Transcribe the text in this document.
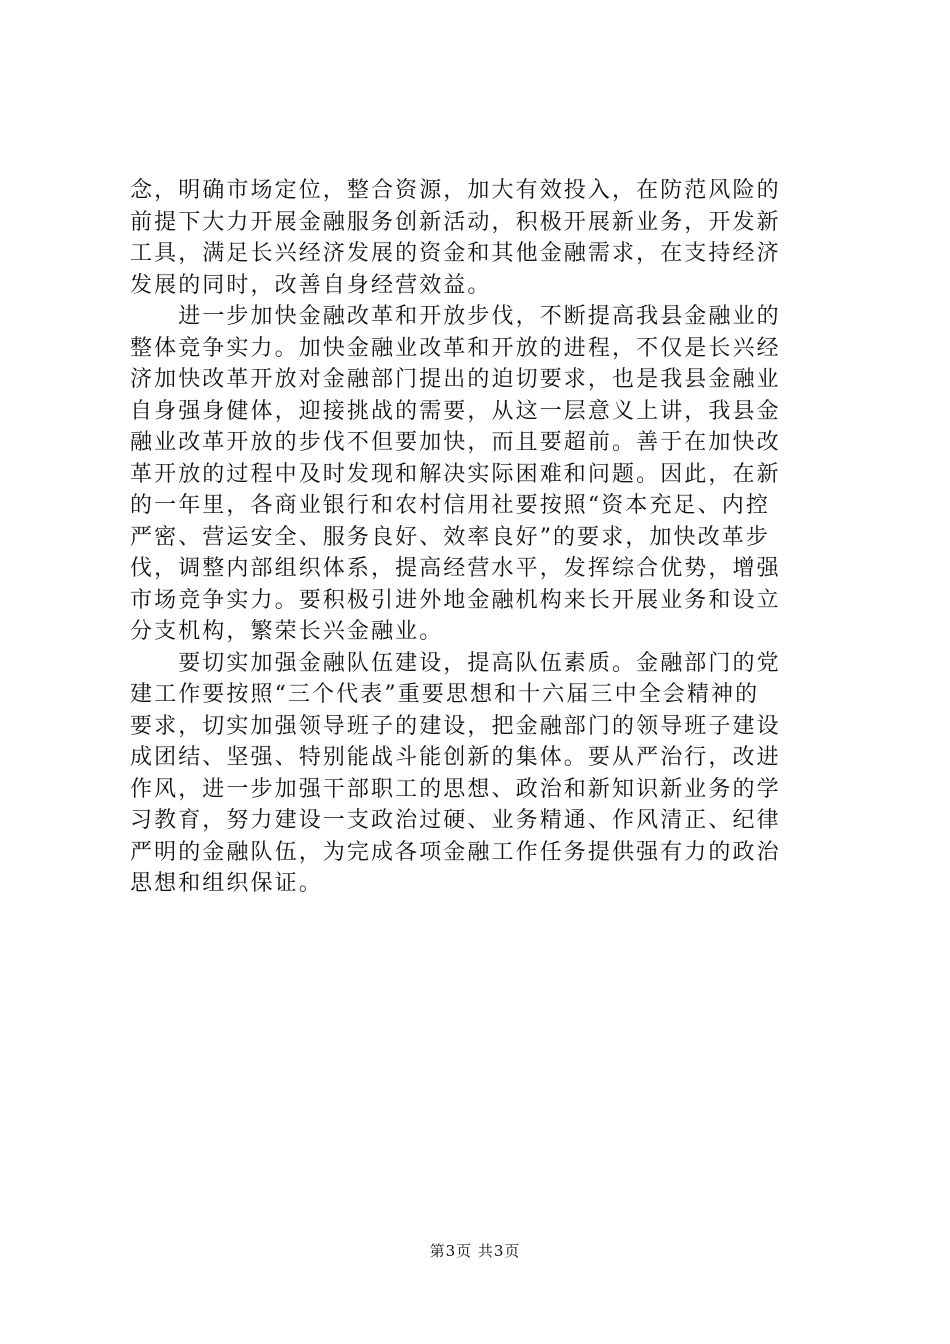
念，明确市场定位，整合资源，加大有效投入，在防范风险的
前提下大力开展金融服务创新活动，积极开展新业务，开发新
工具，满足长兴经济发展的资金和其他金融需求，在支持经济
发展的同时，改善自身经营效益。
　　进一步加快金融改革和开放步伐，不断提高我县金融业的
整体竞争实力。加快金融业改革和开放的进程，不仅是长兴经
济加快改革开放对金融部门提出的迫切要求，也是我县金融业
自身强身健体，迎接挑战的需要，从这一层意义上讲，我县金
融业改革开放的步伐不但要加快，而且要超前。善于在加快改
革开放的过程中及时发现和解决实际困难和问题。因此，在新
的一年里，各商业银行和农村信用社要按照“资本充足、内控
严密、营运安全、服务良好、效率良好”的要求，加快改革步
伐，调整内部组织体系，提高经营水平，发挥综合优势，增强
市场竞争实力。要积极引进外地金融机构来长开展业务和设立
分支机构，繁荣长兴金融业。
　　要切实加强金融队伍建设，提高队伍素质。金融部门的党
建工作要按照“三个代表”重要思想和十六届三中全会精神的
要求，切实加强领导班子的建设，把金融部门的领导班子建设
成团结、坚强、特别能战斗能创新的集体。要从严治行，改进
作风，进一步加强干部职工的思想、政治和新知识新业务的学
习教育，努力建设一支政治过硬、业务精通、作风清正、纪律
严明的金融队伍，为完成各项金融工作任务提供强有力的政治
思想和组织保证。
第3页 共3页
